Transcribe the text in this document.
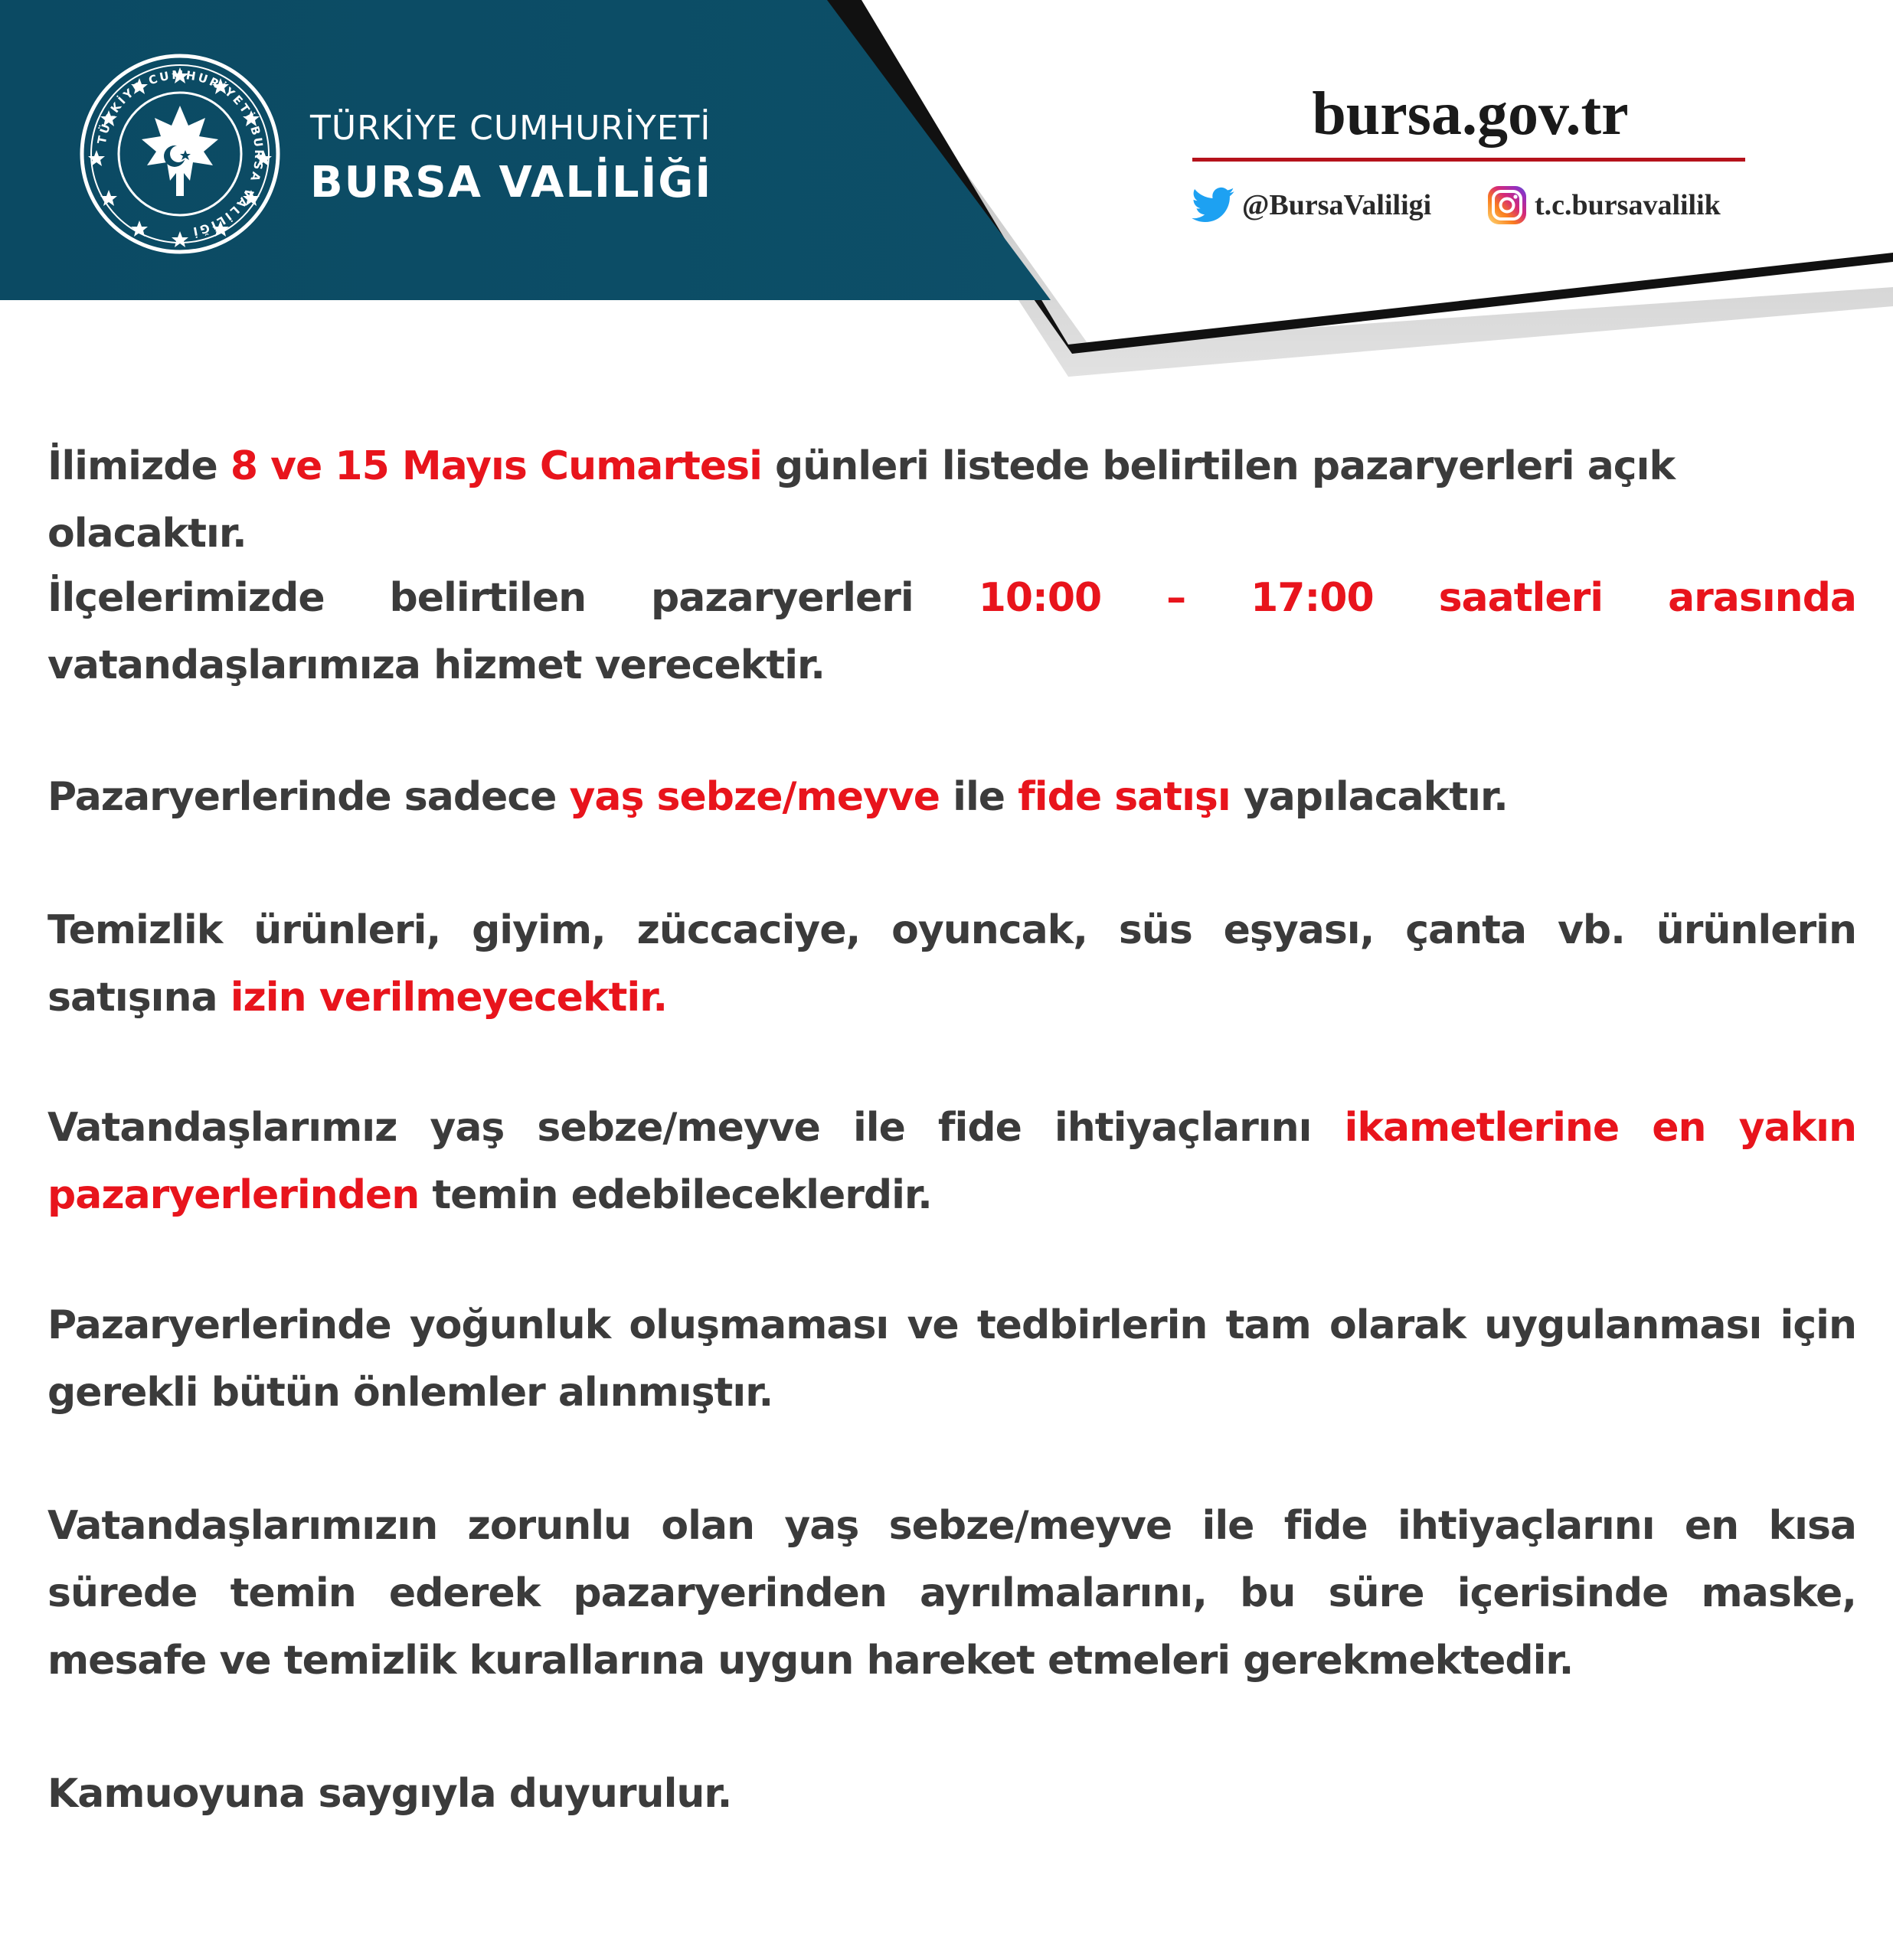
TÜRKİYE CUMHURİYETİ BURSA VALİLİĞİ
TÜRKİYE CUMHURİYETİ
BURSA VALİLİĞİ
bursa.gov.tr
@BursaValiligi	t.c.bursavalilik

İlimizde 8 ve 15 Mayıs Cumartesi günleri listede belirtilen pazaryerleri açık olacaktır.

İlçelerimizde belirtilen pazaryerleri 10:00 – 17:00 saatleri arasında vatandaşlarımıza hizmet verecektir.

Pazaryerlerinde sadece yaş sebze/meyve ile fide satışı yapılacaktır.

Temizlik ürünleri, giyim, züccaciye, oyuncak, süs eşyası, çanta vb. ürünlerin satışına izin verilmeyecektir.

Vatandaşlarımız yaş sebze/meyve ile fide ihtiyaçlarını ikametlerine en yakın pazaryerlerinden temin edebileceklerdir.

Pazaryerlerinde yoğunluk oluşmaması ve tedbirlerin tam olarak uygulanması için gerekli bütün önlemler alınmıştır.

Vatandaşlarımızın zorunlu olan yaş sebze/meyve ile fide ihtiyaçlarını en kısa sürede temin ederek pazaryerinden ayrılmalarını, bu süre içerisinde maske, mesafe ve temizlik kurallarına uygun hareket etmeleri gerekmektedir.

Kamuoyuna saygıyla duyurulur.
